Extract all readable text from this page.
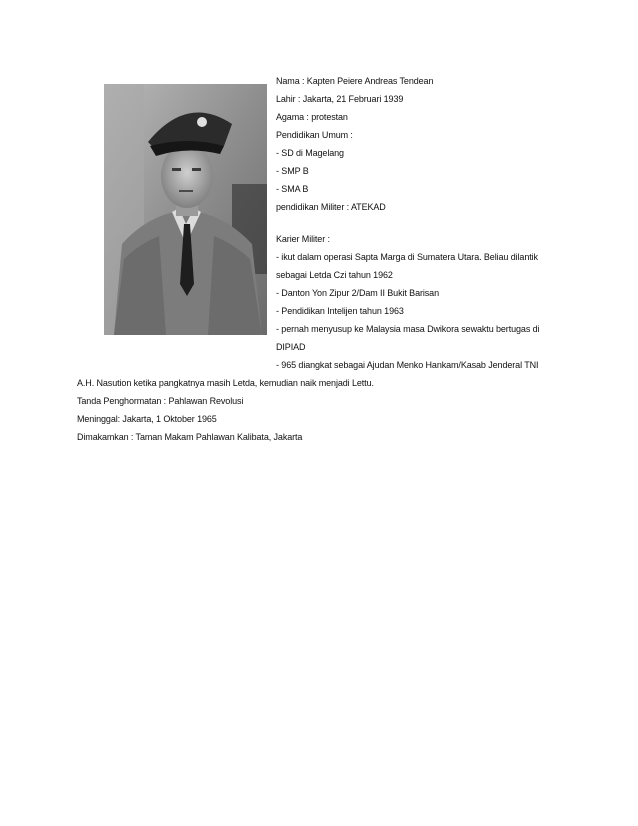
Nama : Kapten Peiere Andreas Tendean
Lahir : Jakarta, 21 Februari 1939
Agama : protestan
Pendidikan Umum :
- SD di Magelang
- SMP B
- SMA B
pendidikan Militer : ATEKAD
Karier Militer :
- ikut dalam operasi Sapta Marga di Sumatera Utara. Beliau dilantik
sebagai Letda Czi tahun 1962
- Danton Yon Zipur 2/Dam II Bukit Barisan
- Pendidikan Intelijen tahun 1963
- pernah menyusup ke Malaysia masa Dwikora sewaktu bertugas di
DIPIAD
- 965 diangkat sebagai Ajudan Menko Hankam/Kasab Jenderal TNI
A.H. Nasution ketika pangkatnya masih Letda, kemudian naik menjadi Lettu.
Tanda Penghormatan : Pahlawan Revolusi
Meninggal: Jakarta, 1 Oktober 1965
Dimakamkan : Taman Makam Pahlawan Kalibata, Jakarta
